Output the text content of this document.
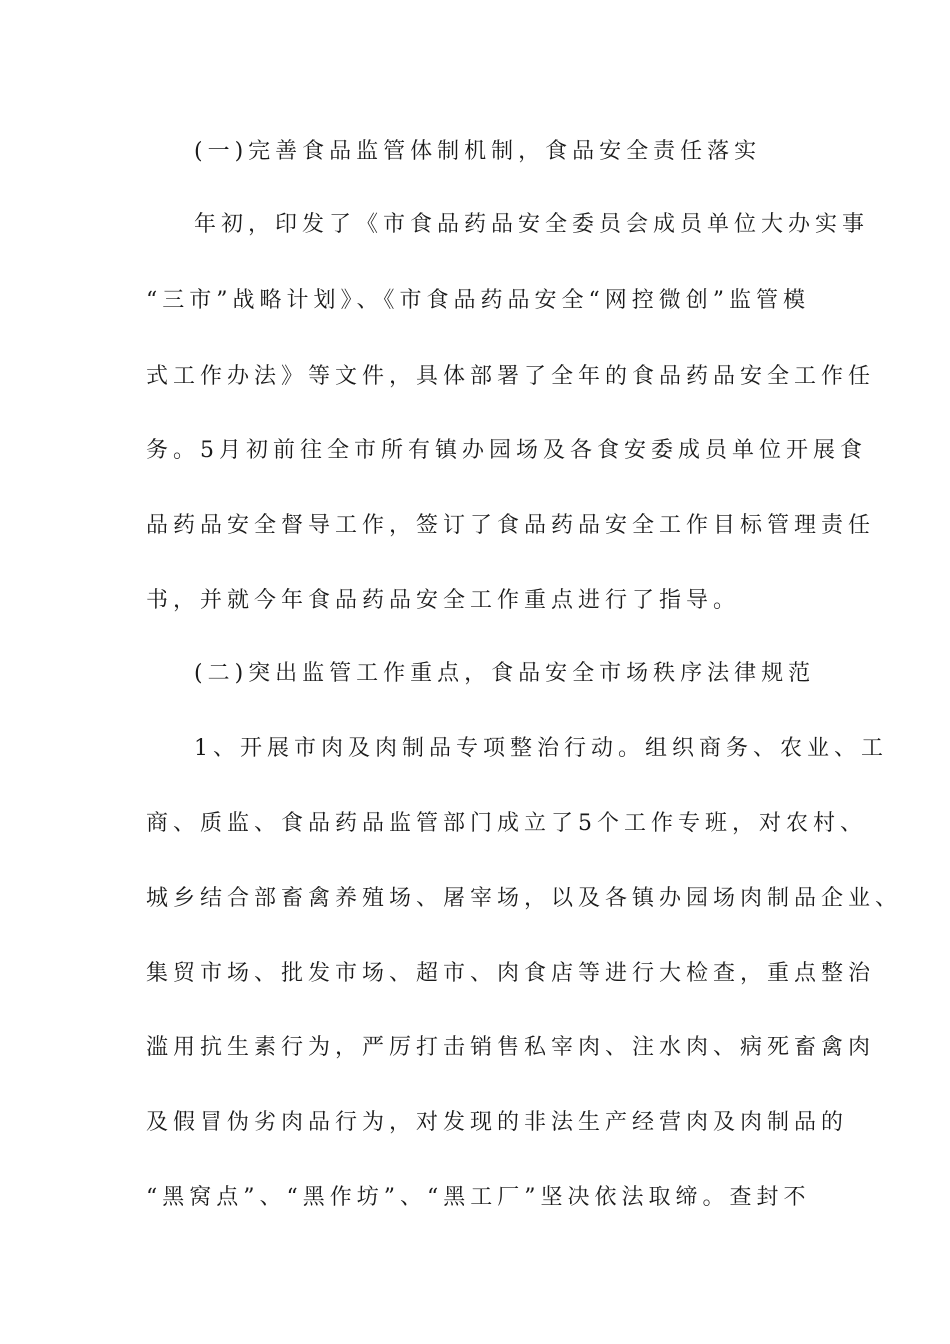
(一)完善食品监管体制机制，食品安全责任落实
年初，印发了《市食品药品安全委员会成员单位大办实事
“三市”战略计划》、《市食品药品安全“网控微创”监管模
式工作办法》等文件，具体部署了全年的食品药品安全工作任
务。5月初前往全市所有镇办园场及各食安委成员单位开展食
品药品安全督导工作，签订了食品药品安全工作目标管理责任
书，并就今年食品药品安全工作重点进行了指导。
(二)突出监管工作重点，食品安全市场秩序法律规范
1、开展市肉及肉制品专项整治行动。组织商务、农业、工
商、质监、食品药品监管部门成立了5个工作专班，对农村、
城乡结合部畜禽养殖场、屠宰场，以及各镇办园场肉制品企业、
集贸市场、批发市场、超市、肉食店等进行大检查，重点整治
滥用抗生素行为，严厉打击销售私宰肉、注水肉、病死畜禽肉
及假冒伪劣肉品行为，对发现的非法生产经营肉及肉制品的
“黑窝点”、“黑作坊”、“黑工厂”坚决依法取缔。查封不
